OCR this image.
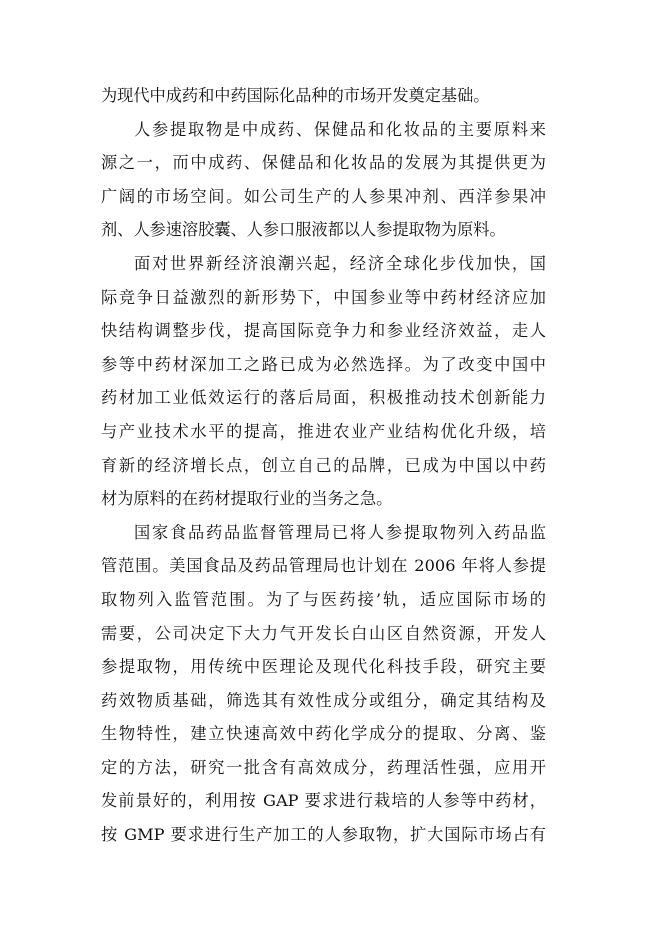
为现代中成药和中药国际化品种的市场开发奠定基础。
人参提取物是中成药、保健品和化妆品的主要原料来
源之一，而中成药、保健品和化妆品的发展为其提供更为
广阔的市场空间。如公司生产的人参果冲剂、西洋参果冲
剂、人参速溶胶囊、人参口服液都以人参提取物为原料。
面对世界新经济浪潮兴起，经济全球化步伐加快，国
际竞争日益激烈的新形势下，中国参业等中药材经济应加
快结构调整步伐，提高国际竞争力和参业经济效益，走人
参等中药材深加工之路已成为必然选择。为了改变中国中
药材加工业低效运行的落后局面，积极推动技术创新能力
与产业技术水平的提高，推进农业产业结构优化升级，培
育新的经济增长点，创立自己的品牌，已成为中国以中药
材为原料的在药材提取行业的当务之急。
国家食品药品监督管理局已将人参提取物列入药品监
管范围。美国食品及药品管理局也计划在 2006 年将人参提
取物列入监管范围。为了与医药接’轨，适应国际市场的
需要，公司决定下大力气开发长白山区自然资源，开发人
参提取物，用传统中医理论及现代化科技手段，研究主要
药效物质基础，筛选其有效性成分或组分，确定其结构及
生物特性，建立快速高效中药化学成分的提取、分离、鉴
定的方法，研究一批含有高效成分，药理活性强，应用开
发前景好的，利用按 GAP 要求进行栽培的人参等中药材，
按 GMP 要求进行生产加工的人参取物，扩大国际市场占有
